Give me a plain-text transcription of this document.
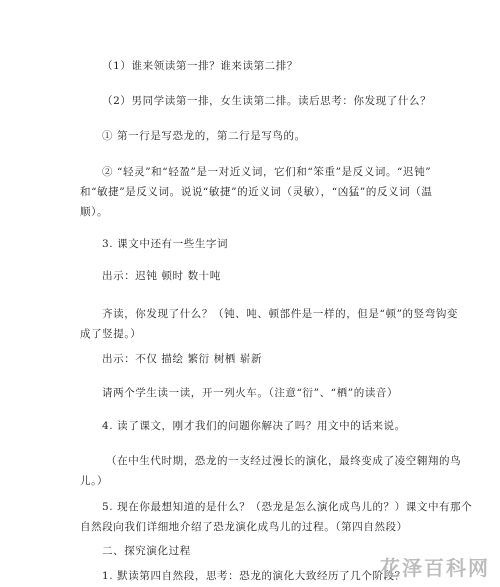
（1）谁来领读第一排？谁来读第二排？

（2）男同学读第一排，女生读第二排。读后思考：你发现了什么？

① 第一行是写恐龙的，第二行是写鸟的。

② “轻灵”和“轻盈”是一对近义词，它们和“笨重”是反义词。“迟钝”
和“敏捷”是反义词。说说“敏捷”的近义词（灵敏），“凶猛”的反义词（温
顺）。

3. 课文中还有一些生字词

出示：迟钝 顿时 数十吨

齐读，你发现了什么？（钝、吨、顿部件是一样的，但是“顿”的竖弯钩变
成了竖提。）

出示：不仅 描绘 繁衍 树栖 崭新

请两个学生读一读，开一列火车。（注意“衍”、“栖”的读音）

4. 读了课文，刚才我们的问题你解决了吗？用文中的话来说。

（在中生代时期，恐龙的一支经过漫长的演化，最终变成了凌空翱翔的鸟
儿。）

5. 现在你最想知道的是什么？（恐龙是怎么演化成鸟儿的？）课文中有那个
自然段向我们详细地介绍了恐龙演化成鸟儿的过程。（第四自然段）

二、探究演化过程

1. 默读第四自然段，思考：恐龙的演化大致经历了几个阶段？

花泽百科网
